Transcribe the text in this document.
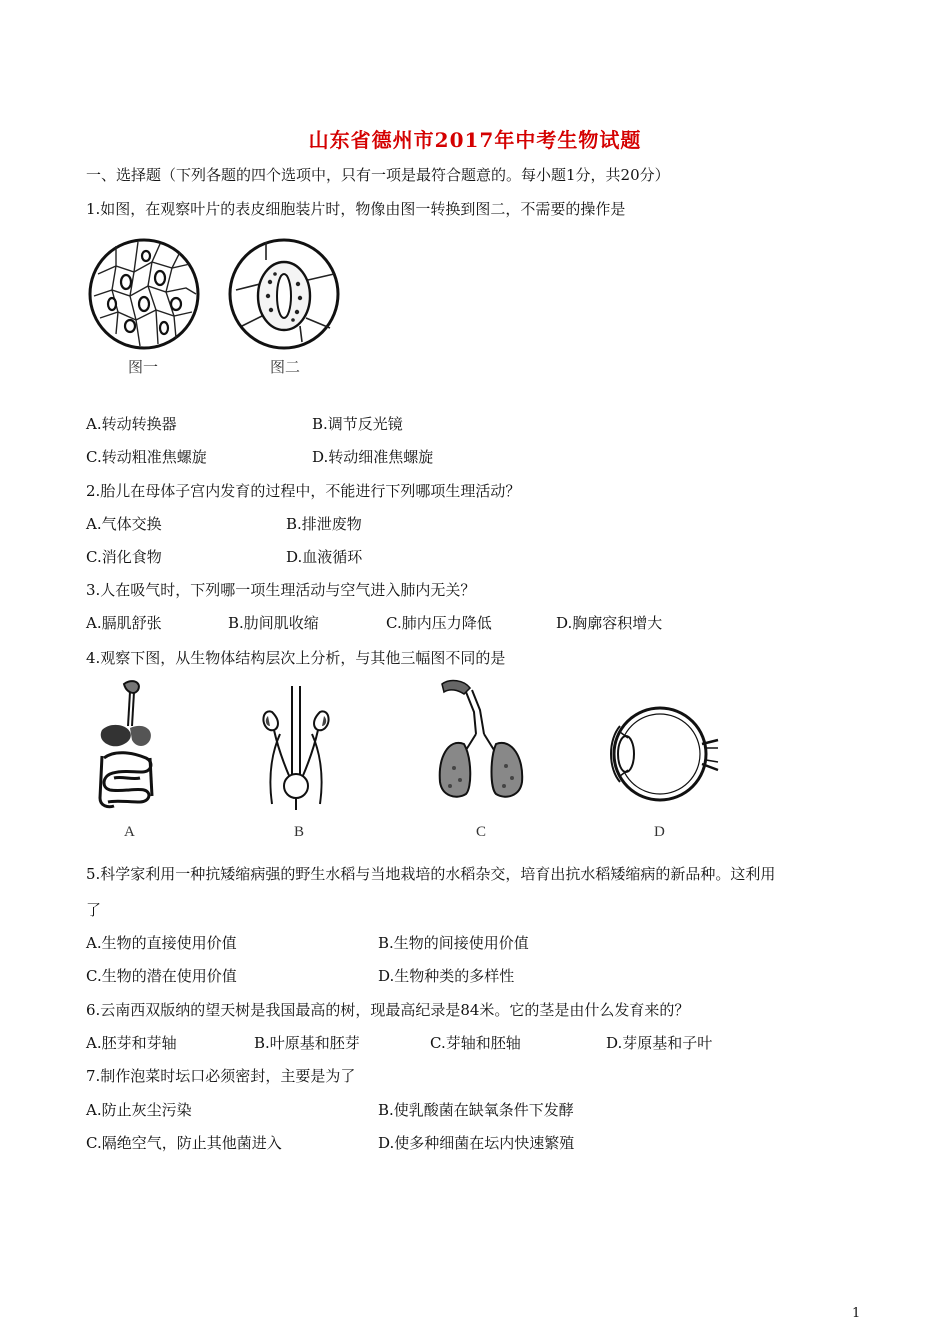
山东省德州市2017年中考生物试题
一、选择题（下列各题的四个选项中，只有一项是最符合题意的。每小题1分，共20分）
1.如图，在观察叶片的表皮细胞装片时，物像由图一转换到图二，不需要的操作是
图一	图二
A.转动转换器	B.调节反光镜
C.转动粗准焦螺旋	D.转动细准焦螺旋
2.胎儿在母体子宫内发育的过程中，不能进行下列哪项生理活动？
A.气体交换	B.排泄废物
C.消化食物	D.血液循环
3.人在吸气时，下列哪一项生理活动与空气进入肺内无关？
A.膈肌舒张	B.肋间肌收缩	C.肺内压力降低	D.胸廓容积增大
4.观察下图，从生物体结构层次上分析，与其他三幅图不同的是
A	B	C	D
5.科学家利用一种抗矮缩病强的野生水稻与当地栽培的水稻杂交，培育出抗水稻矮缩病的新品种。这利用
了
A.生物的直接使用价值	B.生物的间接使用价值
C.生物的潜在使用价值	D.生物种类的多样性
6.云南西双版纳的望天树是我国最高的树，现最高纪录是84米。它的茎是由什么发育来的？
A.胚芽和芽轴	B.叶原基和胚芽	C.芽轴和胚轴	D.芽原基和子叶
7.制作泡菜时坛口必须密封，主要是为了
A.防止灰尘污染	B.使乳酸菌在缺氧条件下发酵
C.隔绝空气，防止其他菌进入	D.使多种细菌在坛内快速繁殖
1
